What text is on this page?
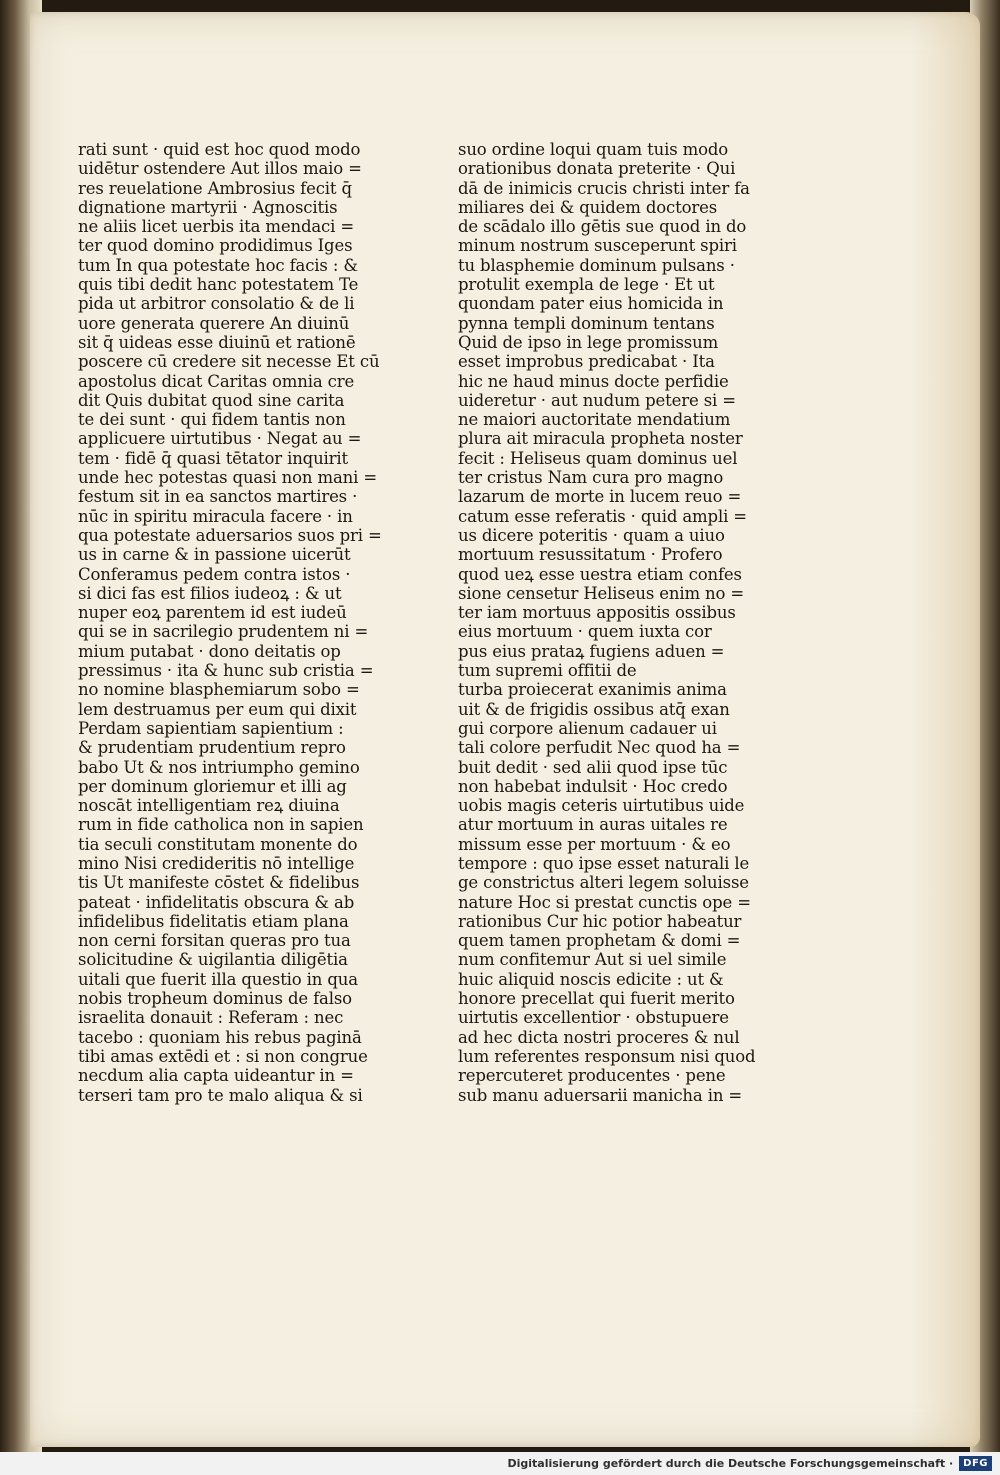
rati sunt · quid est hoc quod modo
uidētur ostendere Aut illos maio =
res reuelatione Ambrosius fecit q̄
dignatione martyrii · Agnoscitis
ne aliis licet uerbis ita mendaci =
ter quod domino prodidimus Iges
tum In qua potestate hoc facis : &
quis tibi dedit hanc potestatem Te
pida ut arbitror consolatio & de li
uore generata querere An diuinū
sit q̄ uideas esse diuinū et rationē
poscere cū credere sit necesse Et cū
apostolus dicat Caritas omnia cre
dit Quis dubitat quod sine carita
te dei sunt · qui fidem tantis non
applicuere uirtutibus · Negat au =
tem · fidē q̄ quasi tētator inquirit
unde hec potestas quasi non mani =
festum sit in ea sanctos martires ·
nūc in spiritu miracula facere · in
qua potestate aduersarios suos pri =
us in carne & in passione uicerūt
Conferamus pedem contra istos ·
si dici fas est filios iudeoꝝ : & ut
nuper eoꝝ parentem id est iudeū
qui se in sacrilegio prudentem ni =
mium putabat · dono deitatis op
pressimus · ita & hunc sub cristia =
no nomine blasphemiarum sobo =
lem destruamus per eum qui dixit
Perdam sapientiam sapientium :
& prudentiam prudentium repro
babo Ut & nos intriumpho gemino
per dominum gloriemur et illi ag
noscāt intelligentiam reꝝ diuina
rum in fide catholica non in sapien
tia seculi constitutam monente do
mino Nisi credideritis nō intellige
tis Ut manifeste cōstet & fidelibus
pateat · infidelitatis obscura & ab
infidelibus fidelitatis etiam plana
non cerni forsitan queras pro tua
solicitudine & uigilantia diligētia
uitali que fuerit illa questio in qua
nobis tropheum dominus de falso
israelita donauit : Referam : nec
tacebo : quoniam his rebus paginā
tibi amas extēdi et : si non congrue
necdum alia capta uideantur in =
terseri tam pro te malo aliqua & si
suo ordine loqui quam tuis modo
orationibus donata preterite · Qui
dā de inimicis crucis christi inter fa
miliares dei & quidem doctores
de scādalo illo gētis sue quod in do
minum nostrum susceperunt spiri
tu blasphemie dominum pulsans ·
protulit exempla de lege · Et ut
quondam pater eius homicida in
pynna templi dominum tentans
Quid de ipso in lege promissum
esset improbus predicabat · Ita
hic ne haud minus docte perfidie
uideretur · aut nudum petere si =
ne maiori auctoritate mendatium
plura ait miracula propheta noster
fecit : Heliseus quam dominus uel
ter cristus Nam cura pro magno
lazarum de morte in lucem reuo =
catum esse referatis · quid ampli =
us dicere poteritis · quam a uiuo
mortuum resussitatum · Profero
quod ueꝝ esse uestra etiam confes
sione censetur Heliseus enim no =
ter iam mortuus appositis ossibus
eius mortuum · quem iuxta cor
pus eius prataꝝ fugiens aduen =
tum supremi offitii de
turba proiecerat exanimis anima
uit & de frigidis ossibus atq̄ exan
gui corpore alienum cadauer ui
tali colore perfudit Nec quod ha =
buit dedit · sed alii quod ipse tūc
non habebat indulsit · Hoc credo
uobis magis ceteris uirtutibus uide
atur mortuum in auras uitales re
missum esse per mortuum · & eo
tempore : quo ipse esset naturali le
ge constrictus alteri legem soluisse
nature Hoc si prestat cunctis ope =
rationibus Cur hic potior habeatur
quem tamen prophetam & domi =
num confitemur Aut si uel simile
huic aliquid noscis edicite : ut &
honore precellat qui fuerit merito
uirtutis excellentior · obstupuere
ad hec dicta nostri proceres & nul
lum referentes responsum nisi quod
repercuteret producentes · pene
sub manu aduersarii manicha in =
Digitalisierung gefördert durch die Deutsche Forschungsgemeinschaft ·	DFG
